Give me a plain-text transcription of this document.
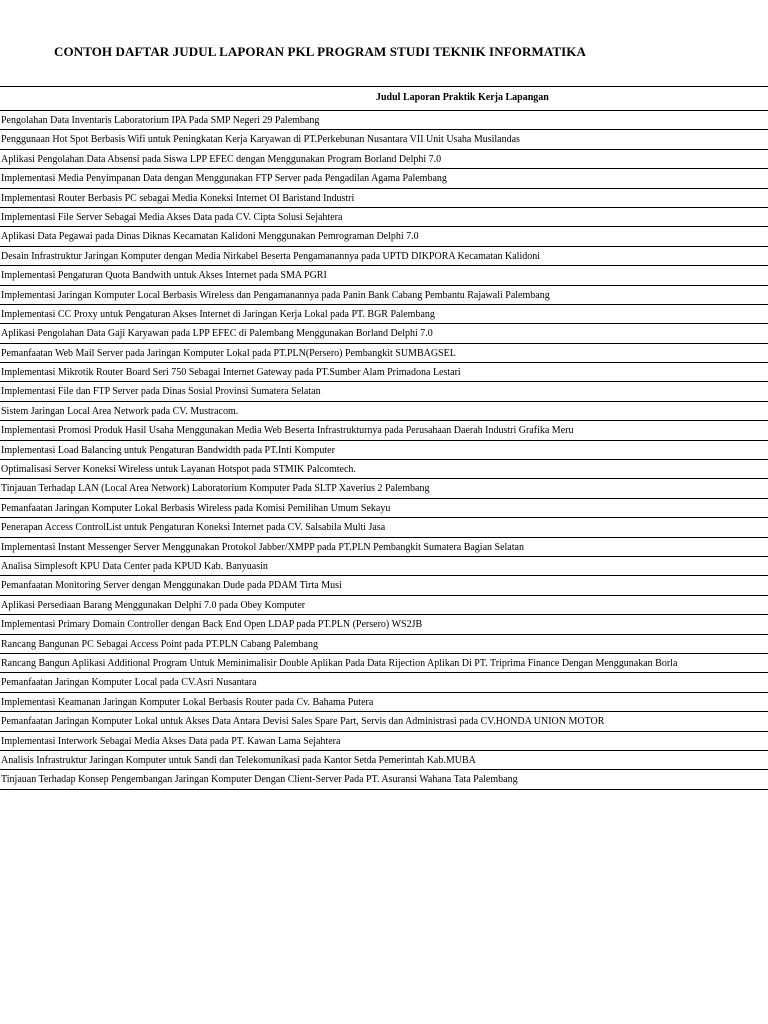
CONTOH DAFTAR JUDUL LAPORAN PKL PROGRAM STUDI TEKNIK INFORMATIKA
Judul Laporan Praktik Kerja Lapangan
Pengolahan Data Inventaris Laboratorium IPA Pada SMP Negeri 29 Palembang
Penggunaan Hot Spot Berbasis Wifi untuk Peningkatan Kerja Karyawan di PT.Perkebunan Nusantara VII Unit Usaha Musilandas
Aplikasi Pengolahan Data Absensi pada Siswa LPP EFEC dengan Menggunakan Program Borland Delphi 7.0
Implementasi Media Penyimpanan Data dengan Menggunakan FTP Server pada Pengadilan Agama Palembang
Implementasi Router Berbasis PC sebagai Media Koneksi Internet OI Baristand Industri
Implementasi File Server Sebagai Media Akses Data pada CV. Cipta Solusi Sejahtera
Aplikasi Data Pegawai pada Dinas Diknas Kecamatan Kalidoni Menggunakan Pemrograman Delphi 7.0
Desain Infrastruktur Jaringan Komputer dengan Media Nirkabel Beserta Pengamanannya pada UPTD DIKPORA Kecamatan Kalidoni
Implementasi Pengaturan Quota Bandwith untuk Akses Internet pada SMA PGRI
Implementasi Jaringan Komputer Local Berbasis Wireless dan Pengamanannya pada Panin Bank Cabang Pembantu Rajawali Palembang
Implementasi CC Proxy untuk Pengaturan Akses Internet di Jaringan Kerja Lokal pada PT. BGR Palembang
Aplikasi Pengolahan Data Gaji Karyawan pada LPP EFEC di Palembang Menggunakan Borland Delphi 7.0
Pemanfaatan Web Mail Server pada Jaringan Komputer Lokal pada PT.PLN(Persero) Pembangkit SUMBAGSEL
Implementasi Mikrotik Router Board Seri 750 Sebagai Internet Gateway pada PT.Sumber Alam Primadona Lestari
Implementasi File dan FTP Server pada Dinas Sosial Provinsi Sumatera Selatan
Sistem Jaringan Local Area Network pada CV. Mustracom.
Implementasi Promosi Produk Hasil Usaha Menggunakan Media Web Beserta Infrastrukturnya pada Perusahaan Daerah Industri Grafika Meru
Implementasi Load Balancing untuk Pengaturan Bandwidth pada PT.Inti Komputer
Optimalisasi Server Koneksi Wireless untuk Layanan Hotspot pada STMIK Palcomtech.
Tinjauan Terhadap LAN (Local Area Network) Laboratorium Komputer Pada SLTP Xaverius 2 Palembang
Pemanfaatan Jaringan Komputer Lokal Berbasis Wireless pada Komisi Pemilihan Umum Sekayu
Penerapan Access ControlList untuk Pengaturan Koneksi Internet pada CV. Salsabila Multi Jasa
Implementasi Instant Messenger Server Menggunakan Protokol Jabber/XMPP pada PT.PLN Pembangkit Sumatera Bagian Selatan
Analisa Simplesoft KPU Data Center pada KPUD Kab. Banyuasin
Pemanfaatan Monitoring Server dengan Menggunakan Dude pada PDAM Tirta Musi
Aplikasi Persediaan Barang Menggunakan Delphi 7.0 pada Obey Komputer
Implementasi Primary Domain Controller dengan Back End Open LDAP pada PT.PLN (Persero) WS2JB
Rancang Bangunan PC Sebagai Access Point pada PT.PLN Cabang Palembang
Rancang Bangun Aplikasi Additional Program Untuk Meminimalisir Double Aplikan Pada Data Rijection Aplikan Di PT. Triprima Finance Dengan Menggunakan Borla
Pemanfaatan Jaringan Komputer Local pada CV.Asri Nusantara
Implementasi Keamanan Jaringan Komputer Lokal Berbasis Router pada Cv. Bahama Putera
Pemanfaatan Jaringan Komputer Lokal untuk Akses Data Antara Devisi Sales Spare Part, Servis dan Administrasi pada CV.HONDA UNION MOTOR
Implementasi Interwork Sebagai Media Akses Data pada PT. Kawan Lama Sejahtera
Analisis Infrastruktur Jaringan Komputer untuk Sandi dan Telekomunikasi pada Kantor Setda Pemerintah Kab.MUBA
Tinjauan Terhadap Konsep Pengembangan Jaringan Komputer Dengan Client-Server Pada PT. Asuransi Wahana Tata Palembang
